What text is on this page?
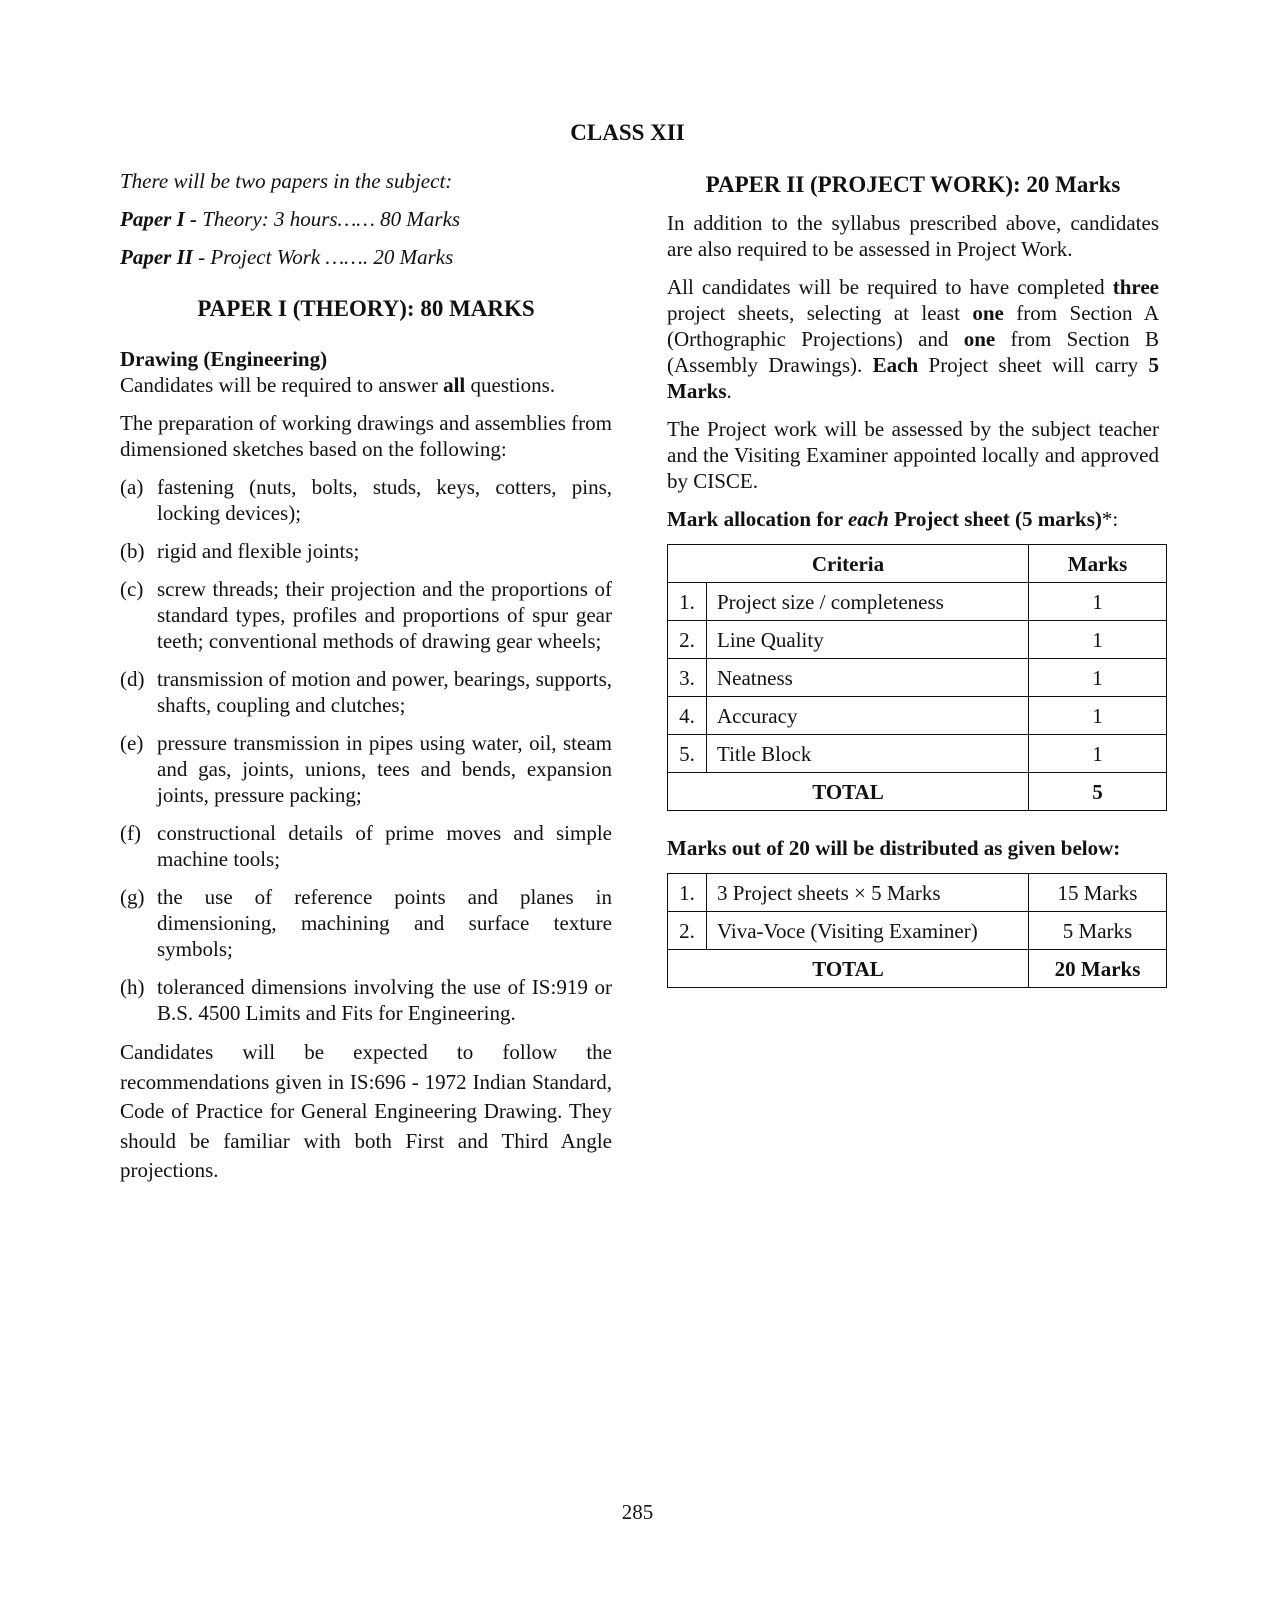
CLASS XII

There will be two papers in the subject:

Paper I - Theory: 3 hours…… 80 Marks

Paper II - Project Work ……. 20 Marks

PAPER I (THEORY): 80 MARKS
Drawing (Engineering)

Candidates will be required to answer all questions.

The preparation of working drawings and assemblies from dimensioned sketches based on the following:

(a) fastening (nuts, bolts, studs, keys, cotters, pins, locking devices);
(b) rigid and flexible joints;
(c) screw threads; their projection and the proportions of standard types, profiles and proportions of spur gear teeth; conventional methods of drawing gear wheels;
(d) transmission of motion and power, bearings, supports, shafts, coupling and clutches;
(e) pressure transmission in pipes using water, oil, steam and gas, joints, unions, tees and bends, expansion joints, pressure packing;
(f) constructional details of prime moves and simple machine tools;
(g) the use of reference points and planes in dimensioning, machining and surface texture symbols;
(h) toleranced dimensions involving the use of IS:919 or B.S. 4500 Limits and Fits for Engineering.

Candidates will be expected to follow the recommendations given in IS:696 - 1972 Indian Standard, Code of Practice for General Engineering Drawing. They should be familiar with both First and Third Angle projections.

PAPER II (PROJECT WORK): 20 Marks

In addition to the syllabus prescribed above, candidates are also required to be assessed in Project Work.

All candidates will be required to have completed three project sheets, selecting at least one from Section A (Orthographic Projections) and one from Section B (Assembly Drawings). Each Project sheet will carry 5 Marks.

The Project work will be assessed by the subject teacher and the Visiting Examiner appointed locally and approved by CISCE.

Mark allocation for each Project sheet (5 marks)*:

Criteria		Marks
1.	Project size / completeness	1
2.	Line Quality	1
3.	Neatness	1
4.	Accuracy	1
5.	Title Block	1
TOTAL		5

Marks out of 20 will be distributed as given below:

1.	3 Project sheets × 5 Marks	15 Marks
2.	Viva-Voce (Visiting Examiner)	5 Marks
TOTAL		20 Marks
285
